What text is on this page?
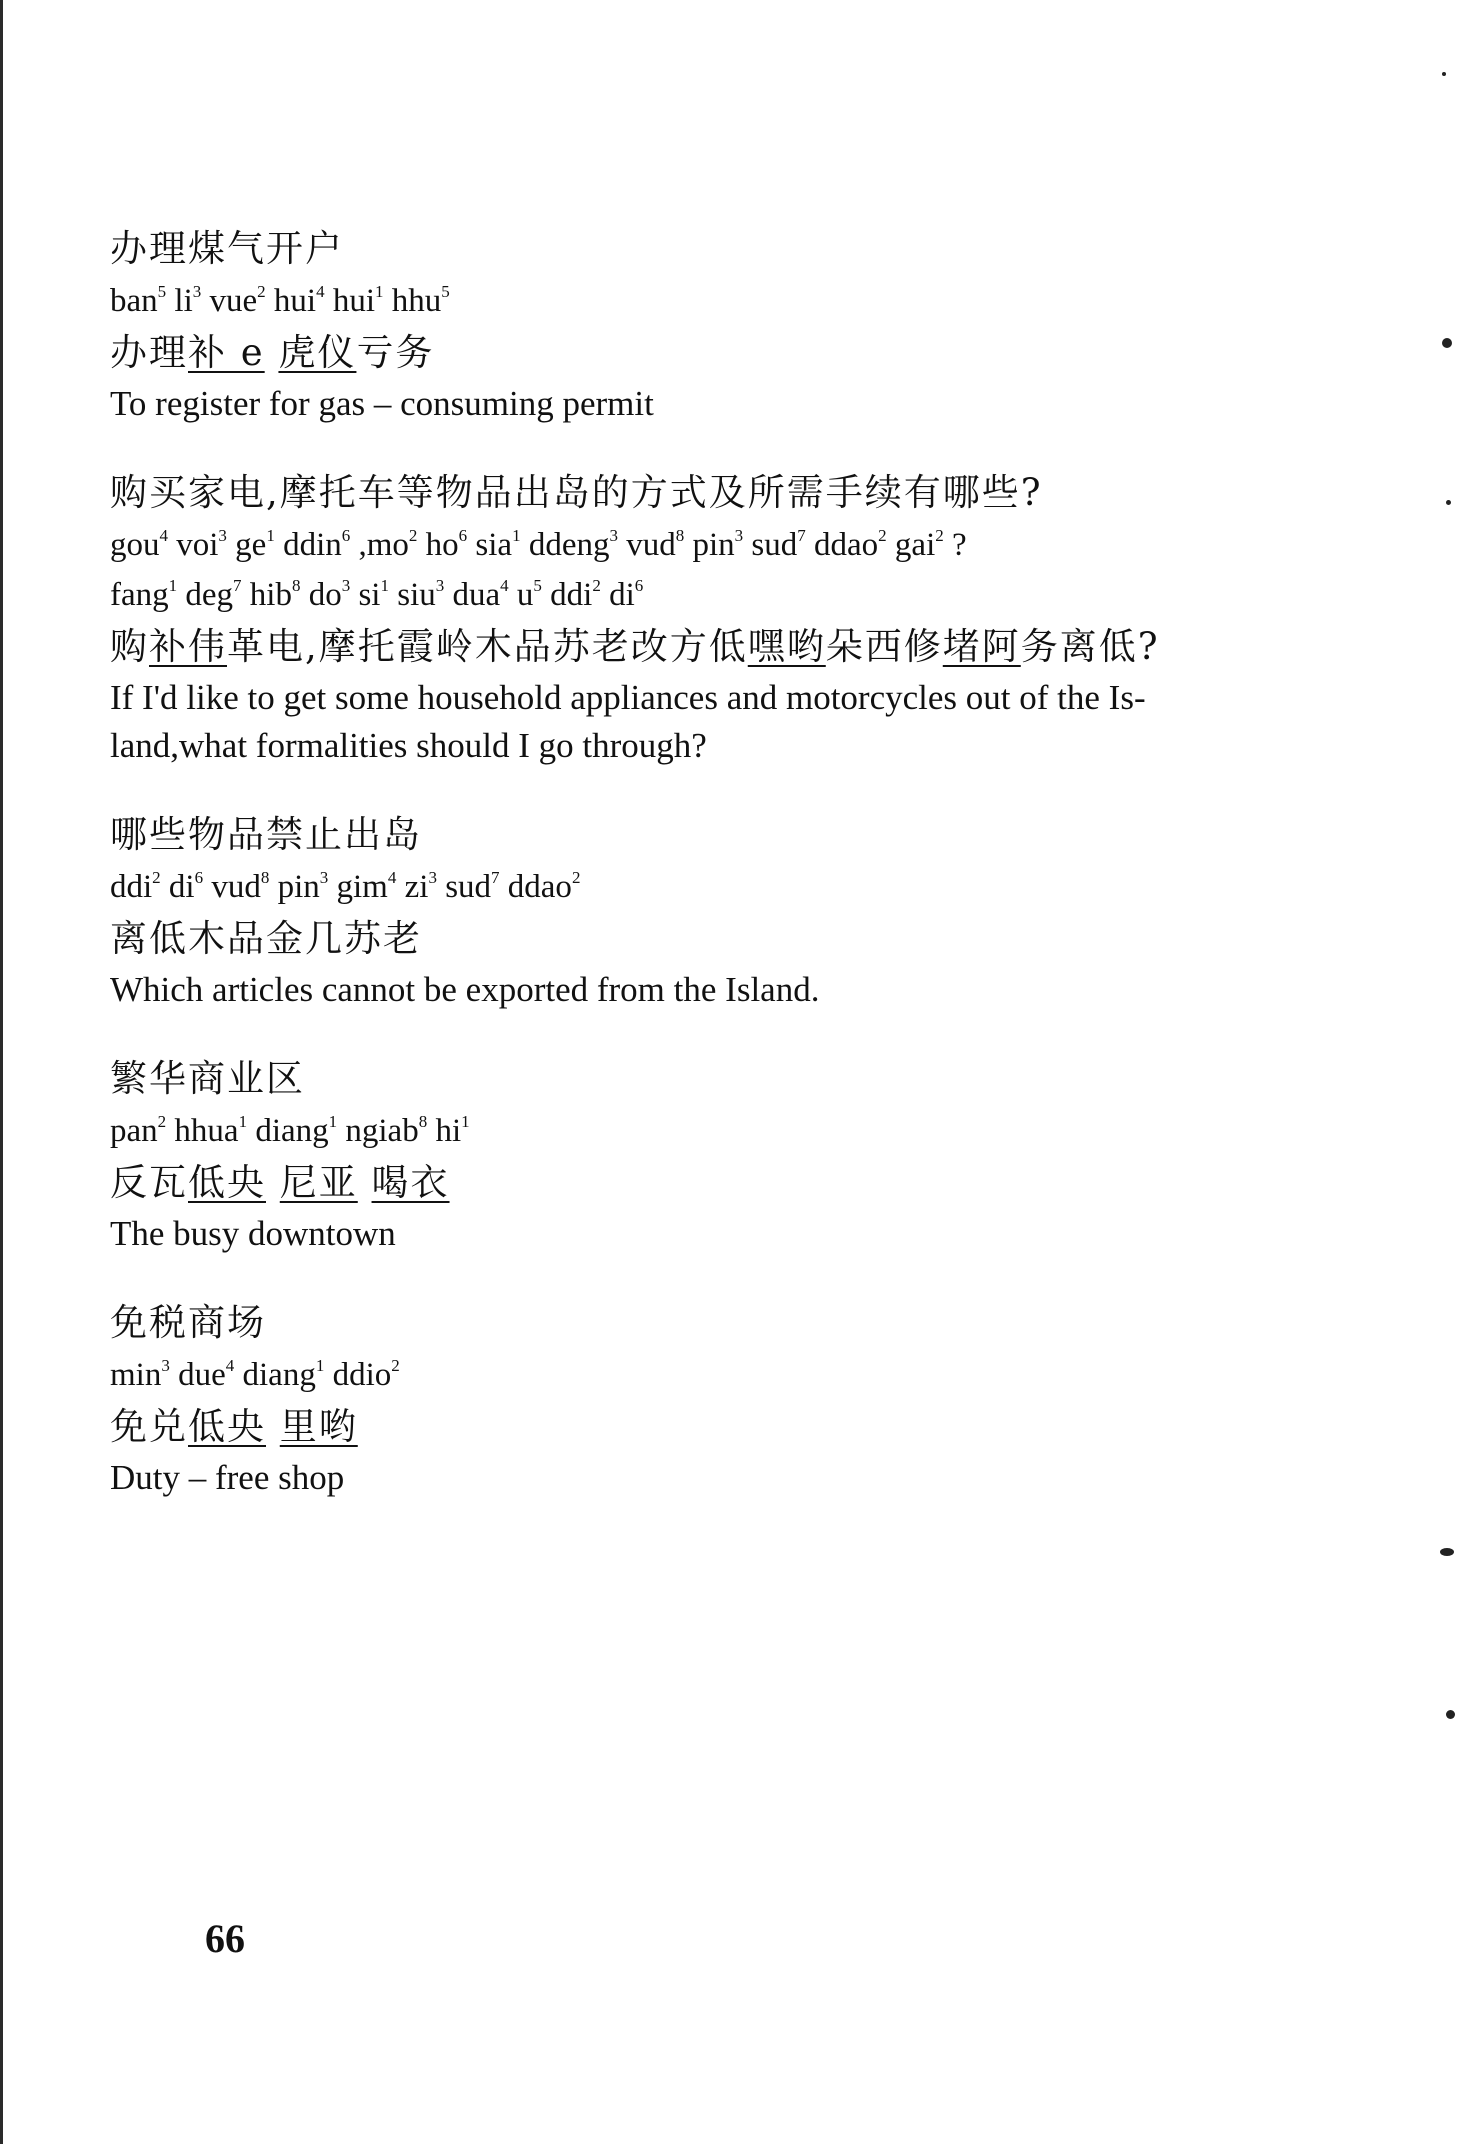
办理煤气开户
ban$^5$ $li^3$ vue$^2$ hui$^4$ hui$^1$ hhu$^5$
办理补 e 虎仪亏务
To register for gas – consuming permit
购买家电,摩托车等物品出岛的方式及所需手续有哪些?
gou$^4$ voi$^3$ $ge^1$ ddin$^6$ $,mo^2$ $ho^6$ sia$^1$ ddeng$^3$ vud$^8$ pin$^3$ sud$^7$ ddao$^2$ gai$^2$ ?
fang$^1$ deg$^7$ hib$^8$ $do^3$ $si^1$ siu$^3$ dua$^4$ $u^5$ ddi$^2$ $di^6$
购补伟革电,摩托霞岭木品苏老改方低嘿哟朵西修堵阿务离低?
If I'd like to get some household appliances and motorcycles out of the Is-
land,what formalities should I go through?
哪些物品禁止出岛
ddi$^2$ $di^6$ vud$^8$ pin$^3$ gim$^4$ $zi^3$ sud$^7$ ddao$^2$
离低木品金几苏老
Which articles cannot be exported from the Island.
繁华商业区
pan$^2$ hhua$^1$ diang$^1$ ngiab$^8$ $hi^1$
反瓦低央 尼亚 喝衣
The busy downtown
免税商场
$\min^3 due^4$ diang$^1$ ddio$^2$
免兑低央 里哟
Duty – free shop
66
